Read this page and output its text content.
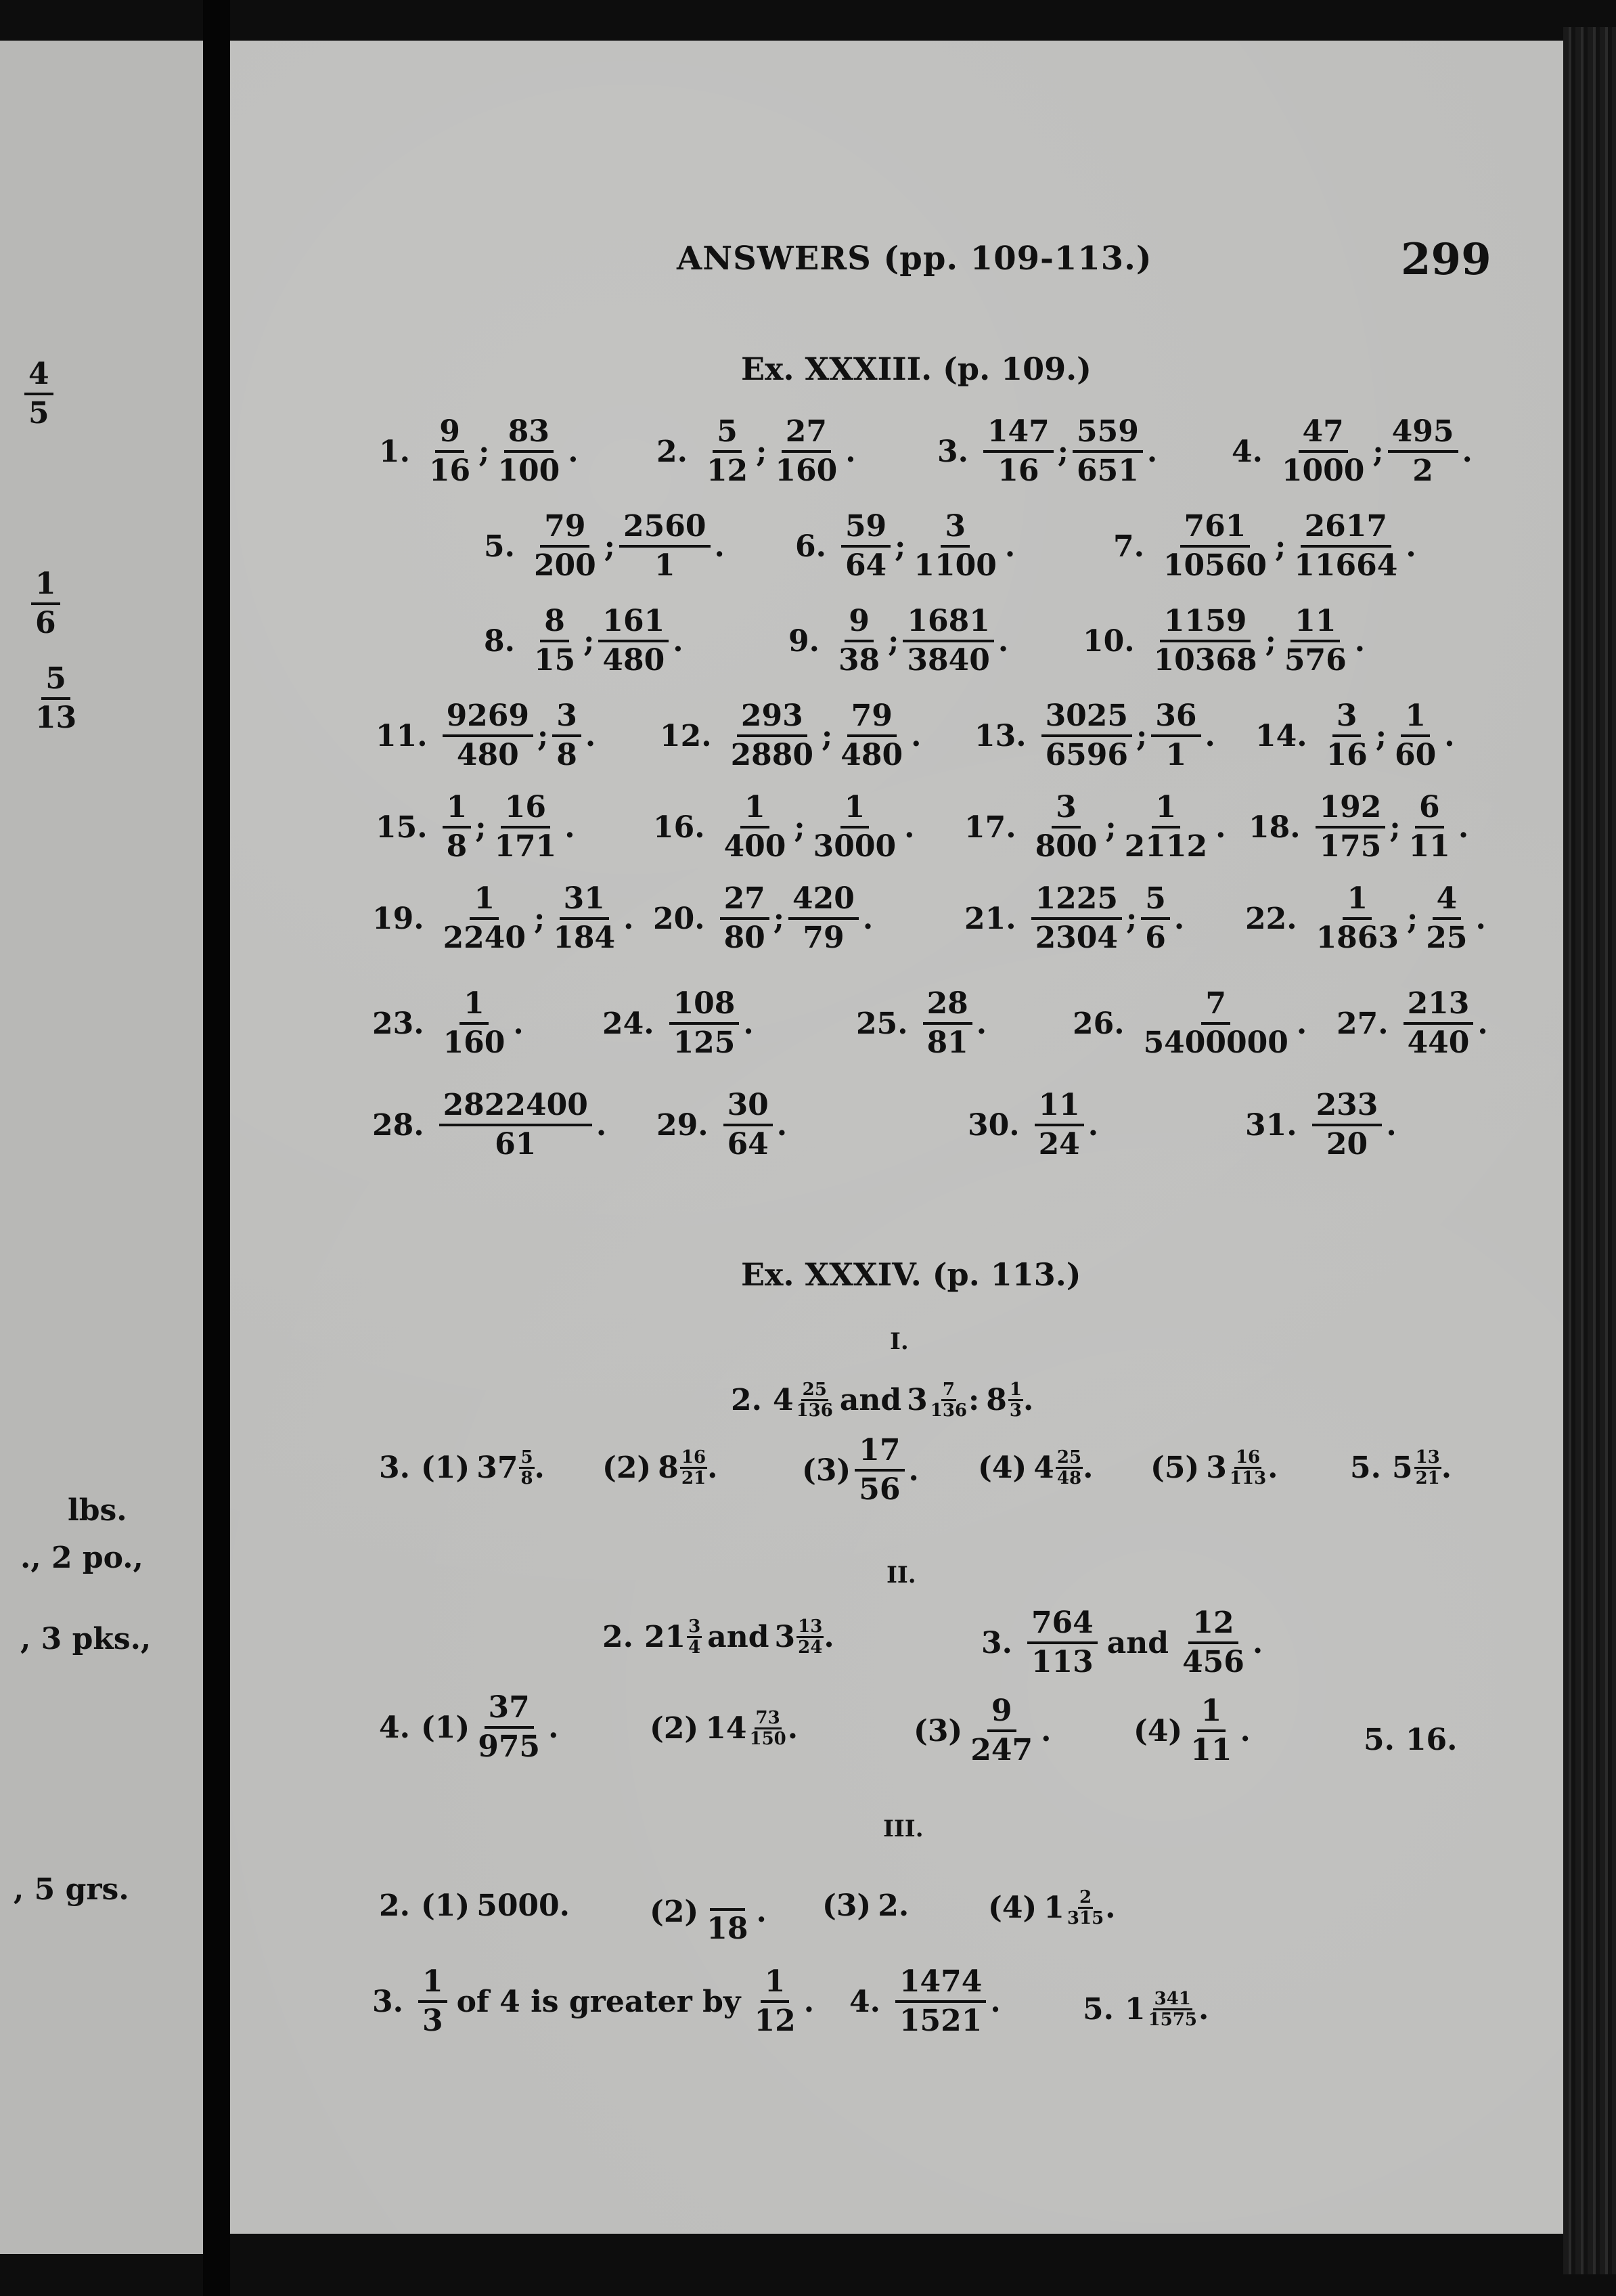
$\frac{4}{5}$
$\frac{1}{6}$
$\frac{5}{13}$
lbs.
., 2 po.,
, 3 pks.,
, 5 grs.
ANSWERS (pp. 109-113.)	299
Ex. XXXIII. (p. 109.)
1. $\frac{9}{16}$ ; $\frac{83}{100}$ .	2. $\frac{5}{12}$ ; $\frac{27}{160}$ .	3. $\frac{147}{16}$ ; $\frac{559}{651}$ . 4. $\frac{47}{1000}$ ; $\frac{495}{2}$ .
5. $\frac{79}{200}$ ; $\frac{2560}{1}$ . 6. $\frac{59}{64}$ ; $\frac{3}{1100}$ .	7. $\frac{761}{10560}$ ; $\frac{2617}{11664}$ .
8. $\frac{8}{15}$ ; $\frac{161}{480}$ .	9. $\frac{9}{38}$ ; $\frac{1681}{3840}$ . 10. $\frac{1159}{10368}$ ; $\frac{11}{576}$ .
11. $\frac{9269}{480}$ ; $\frac{3}{8}$ . 12. $\frac{293}{2880}$ ; $\frac{79}{480}$ . 13. $\frac{3025}{6596}$ ; $\frac{36}{1}$ . 14. $\frac{3}{16}$ ; $\frac{1}{60}$ .
15. $\frac{1}{8}$ ; $\frac{16}{171}$ .	16. $\frac{1}{400}$ ; $\frac{1}{3000}$ . 17. $\frac{3}{800}$ ; $\frac{1}{2112}$ . 18. $\frac{192}{175}$ ; $\frac{6}{11}$ .
19. $\frac{1}{2240}$ ; $\frac{31}{184}$ . 20. $\frac{27}{80}$ ; $\frac{420}{79}$ .	21. $\frac{1225}{2304}$ ; $\frac{5}{6}$ . 22. $\frac{1}{1863}$ ; $\frac{4}{25}$ .
23. $\frac{1}{160}$ .	24. $\frac{108}{125}$ .	25. $\frac{28}{81}$ .	26. $\frac{7}{5400000}$ . 27. $\frac{213}{440}$ .
28. $\frac{2822400}{61}$ . 29. $\frac{30}{64}$ .	30. $\frac{11}{24}$ .	31. $\frac{233}{20}$ .
Ex. XXXIV. (p. 113.)
I.
2. 4 25
136 and 3 7
136 : 8 1
3 .
3. (1) 37 5
8 . (2) 8 16
21 .	$(3) \frac{17}{56}$ . (4) 4 25
48 . (5) 3 16
113 . 5. 5 13
21 .
II.
2. 21 3
4 and 3 13
24 .	3. $\frac{764}{113}$ and $\frac{12}{456}$ .
4. $(1) \frac{37}{975}$ .	(2) 14 73
150 .	$(3) \frac{9}{247}$ .	$(4) \frac{1}{11}$ .	5. 16.
III.
2. (1) 5000.	(2) 18 . (3) 2.	(4) 1 2
315 .
3. $\frac{1}{3}$ of 4 is greater by $\frac{1}{12}$ . 4. $\frac{1474}{1521}$ .	5. 1 341
1575 .
